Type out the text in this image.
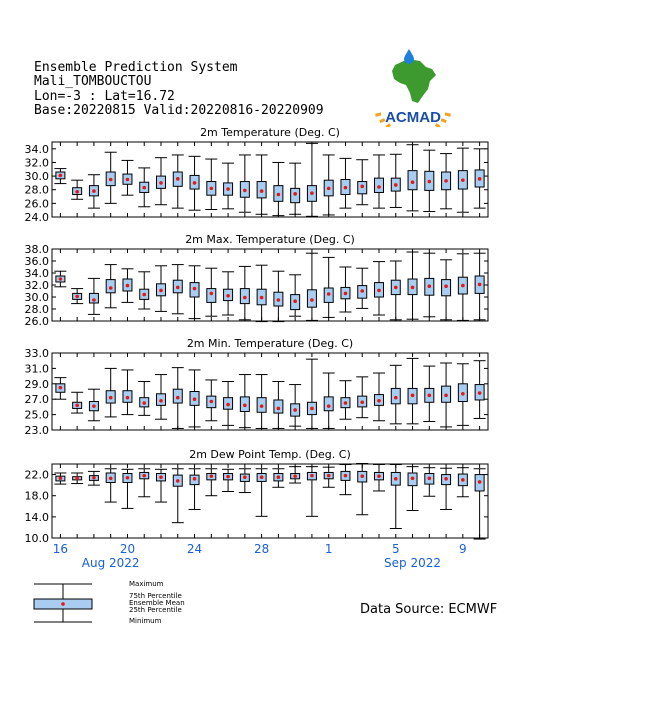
Ensemble Prediction System
Mali_TOMBOUCTOU
Lon=-3 : Lat=16.72
Base:20220815 Valid:20220816-20220909	ACMAD
2m Temperature (Deg. C)
34.0
32.0
30.0
28.0
26.0
24.0
2m Max. Temperature (Deg. C)
38.0
36.0
34.0
32.0
30.0
28.0
26.0
2m Min. Temperature (Deg. C)
33.0
31.0
29.0
27.0
25.0
23.0
2m Dew Point Temp. (Deg. C)
22.0
18.0
14.0
10.0
16	20	24	28	1	5	9
Aug 2022	Sep 2022
Maximum
75th Percentile
Ensemble Mean
25th Percentile
Minimum
Data Source: ECMWF
